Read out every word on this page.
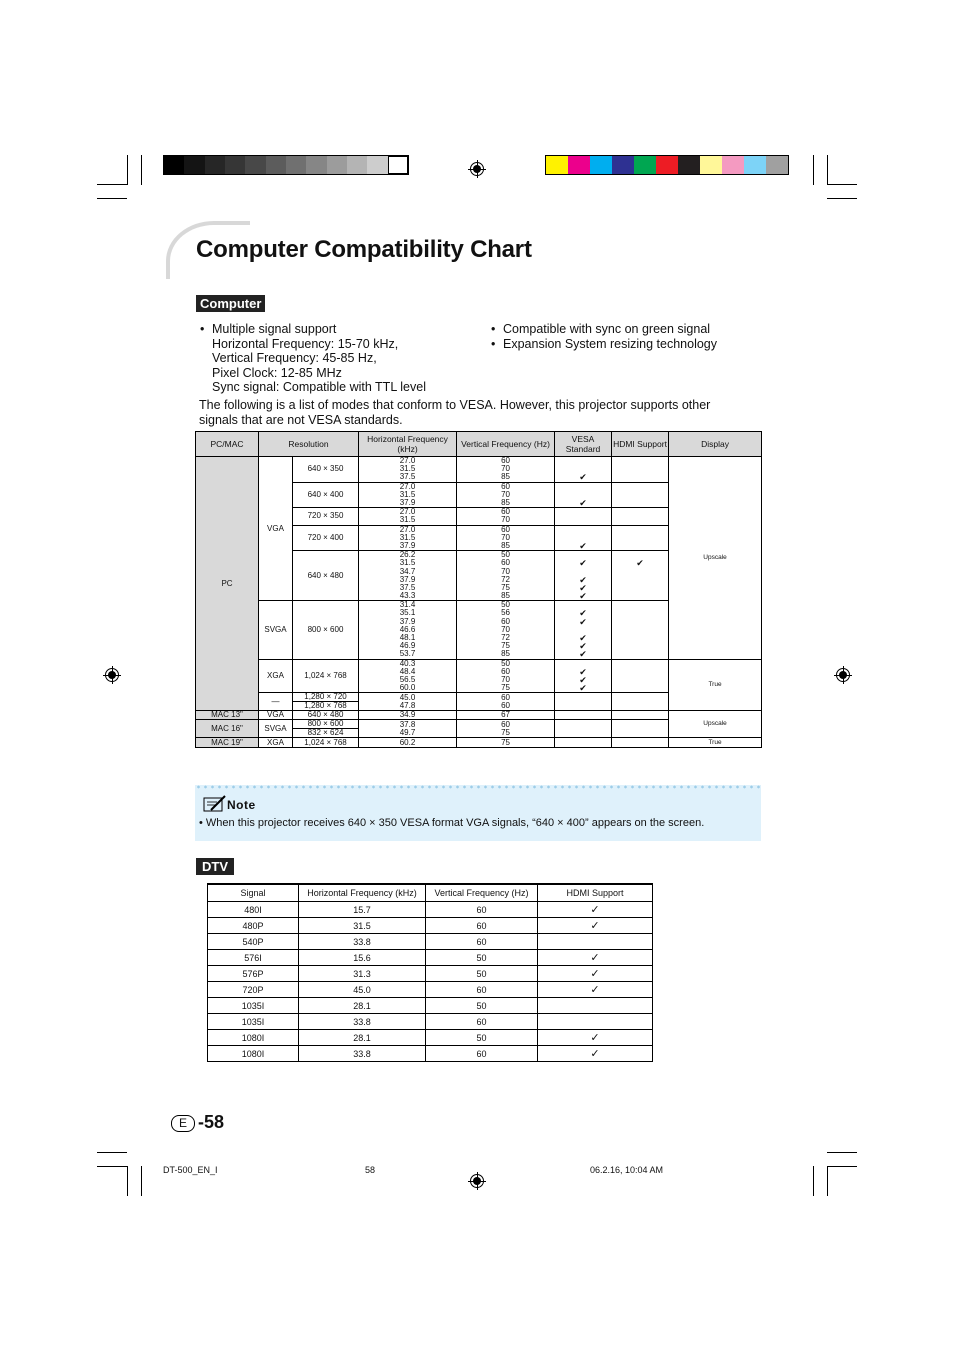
Computer Compatibility Chart
Computer
• Multiple signal support
Horizontal Frequency: 15-70 kHz,
Vertical Frequency: 45-85 Hz,
Pixel Clock: 12-85 MHz
Sync signal: Compatible with TTL level
• Compatible with sync on green signal
• Expansion System resizing technology
The following is a list of modes that conform to VESA. However, this projector supports other signals that are not VESA standards.
PC/MAC	Resolution		Horizontal Frequency (kHz)	Vertical Frequency (Hz)	VESA Standard	HDMI Support	Display
PC	VGA	640 × 350	27.0	60			Upscale
			31.5	70			
			37.5	85	✔		
		640 × 400	27.0	60			
			31.5	70			
			37.9	85	✔		
		720 × 350	27.0	60			
			31.5	70			
		720 × 400	27.0	60			
			31.5	70			
			37.9	85	✔		
		640 × 480	26.2	50			
			31.5	60	✔	✔	
			34.7	70			
			37.9	72	✔		
			37.5	75	✔		
			43.3	85	✔		
	SVGA	800 × 600	31.4	50			
			35.1	56	✔		
			37.9	60	✔		
			46.6	70			
			48.1	72	✔		
			46.9	75	✔		
			53.7	85	✔		
	XGA	1,024 × 768	40.3	50			True
			48.4	60	✔		
			56.5	70	✔		
			60.0	75	✔		
	—	1,280 × 720	45.0	60			
		1,280 × 768	47.8	60			
MAC 13"	VGA	640 × 480	34.9	67			Upscale
MAC 16"	SVGA	800 × 600	37.8	60			
		832 × 624	49.7	75			
MAC 19"	XGA	1,024 × 768	60.2	75			True
Note
• When this projector receives 640 × 350 VESA format VGA signals, “640 × 400” appears on the screen.
DTV
Signal	Horizontal Frequency (kHz)	Vertical Frequency (Hz)	HDMI Support
480I	15.7	60	✓
480P	31.5	60	✓
540P	33.8	60	
576I	15.6	50	✓
576P	31.3	50	✓
720P	45.0	60	✓
1035I	28.1	50	
1035I	33.8	60	
1080I	28.1	50	✓
1080I	33.8	60	✓
E -58
DT-500_EN_I	58	06.2.16, 10:04 AM
